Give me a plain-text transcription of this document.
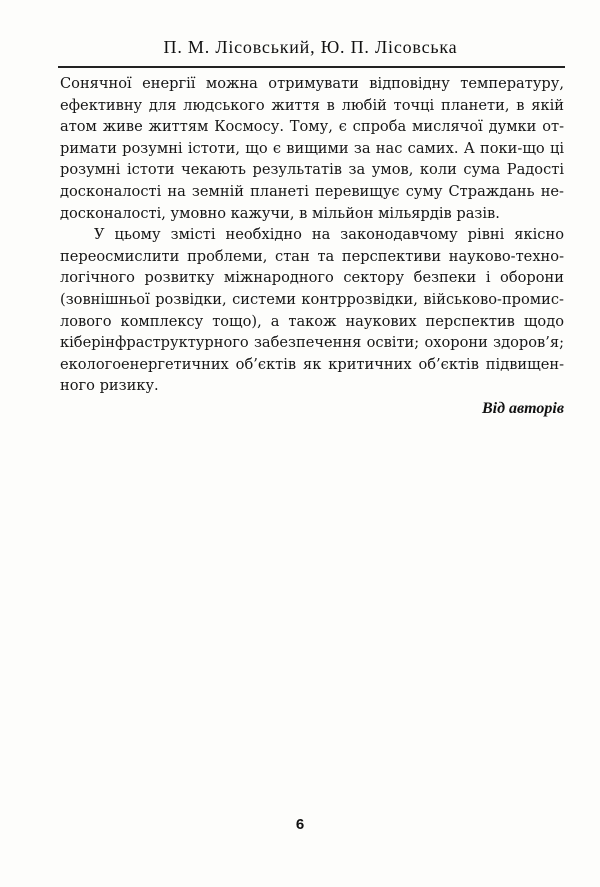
П. М. Лісовський, Ю. П. Лісовська
Сонячної енергії можна отримувати відповідну температуру,
ефективну для людського життя в любій точці планети, в якій
атом живе життям Космосу. Тому, є спроба мислячої думки от-
римати розумні істоти, що є вищими за нас самих. А поки-що ці
розумні істоти чекають результатів за умов, коли сума Радості
досконалості на земній планеті перевищує суму Страждань не-
досконалості, умовно кажучи, в мільйон мільярдів разів.
У цьому змісті необхідно на законодавчому рівні якісно
переосмислити проблеми, стан та перспективи науково-техно-
логічного розвитку міжнародного сектору безпеки і оборони
(зовнішньої розвідки, системи контррозвідки, військово-промис-
лового комплексу тощо), а також наукових перспектив щодо
кіберінфраструктурного забезпечення освіти; охорони здоров’я;
екологоенергетичних об’єктів як критичних об’єктів підвищен-
ного ризику.
Від авторів
6
